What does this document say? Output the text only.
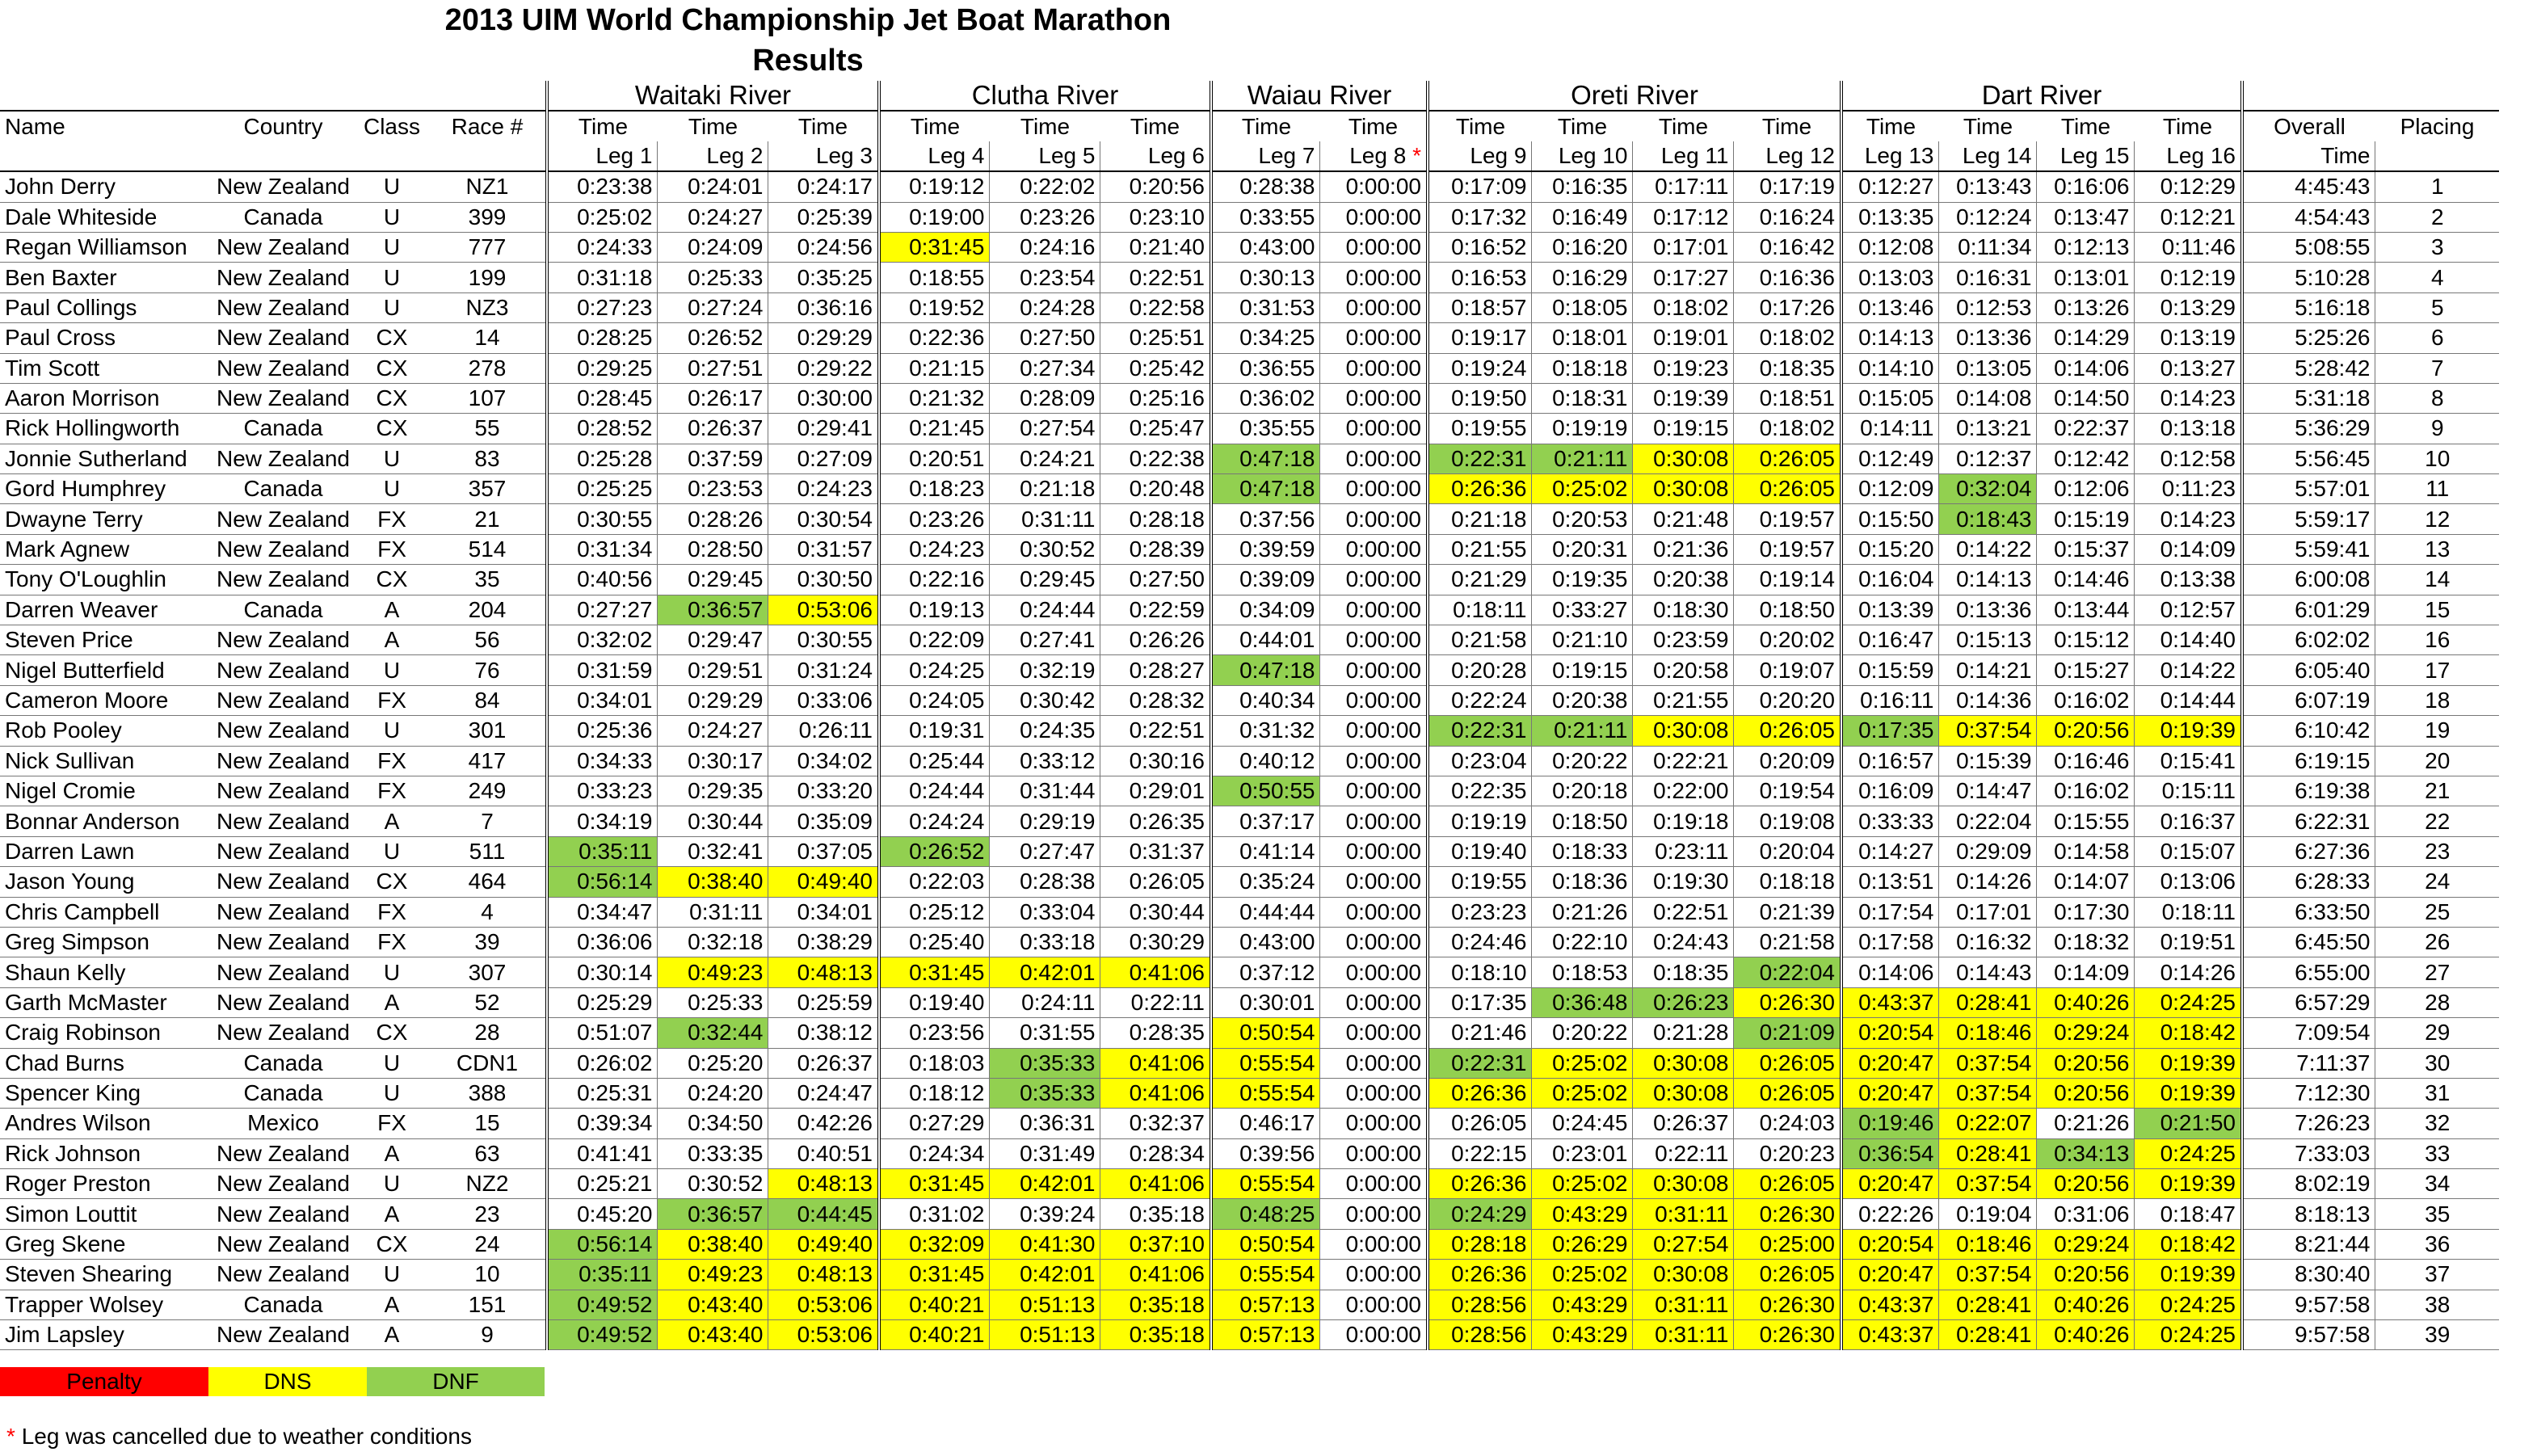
2013 UIM World Championship Jet Boat Marathon
Results
				Waitaki River			Clutha River			Waiau River		Oreti River				Dart River					
Name	Country	Class	Race #	Time	Time	Time	Time	Time	Time	Time	Time	Time	Time	Time	Time	Time	Time	Time	Time	Overall	Placing
				Leg 1	Leg 2	Leg 3	Leg 4	Leg 5	Leg 6	Leg 7	Leg 8 *	Leg 9	Leg 10	Leg 11	Leg 12	Leg 13	Leg 14	Leg 15	Leg 16	Time	
John Derry	New Zealand	U	NZ1	0:23:38	0:24:01	0:24:17	0:19:12	0:22:02	0:20:56	0:28:38	0:00:00	0:17:09	0:16:35	0:17:11	0:17:19	0:12:27	0:13:43	0:16:06	0:12:29	4:45:43	1
Dale Whiteside	Canada	U	399	0:25:02	0:24:27	0:25:39	0:19:00	0:23:26	0:23:10	0:33:55	0:00:00	0:17:32	0:16:49	0:17:12	0:16:24	0:13:35	0:12:24	0:13:47	0:12:21	4:54:43	2
Regan Williamson	New Zealand	U	777	0:24:33	0:24:09	0:24:56	0:31:45	0:24:16	0:21:40	0:43:00	0:00:00	0:16:52	0:16:20	0:17:01	0:16:42	0:12:08	0:11:34	0:12:13	0:11:46	5:08:55	3
Ben Baxter	New Zealand	U	199	0:31:18	0:25:33	0:35:25	0:18:55	0:23:54	0:22:51	0:30:13	0:00:00	0:16:53	0:16:29	0:17:27	0:16:36	0:13:03	0:16:31	0:13:01	0:12:19	5:10:28	4
Paul Collings	New Zealand	U	NZ3	0:27:23	0:27:24	0:36:16	0:19:52	0:24:28	0:22:58	0:31:53	0:00:00	0:18:57	0:18:05	0:18:02	0:17:26	0:13:46	0:12:53	0:13:26	0:13:29	5:16:18	5
Paul Cross	New Zealand	CX	14	0:28:25	0:26:52	0:29:29	0:22:36	0:27:50	0:25:51	0:34:25	0:00:00	0:19:17	0:18:01	0:19:01	0:18:02	0:14:13	0:13:36	0:14:29	0:13:19	5:25:26	6
Tim Scott	New Zealand	CX	278	0:29:25	0:27:51	0:29:22	0:21:15	0:27:34	0:25:42	0:36:55	0:00:00	0:19:24	0:18:18	0:19:23	0:18:35	0:14:10	0:13:05	0:14:06	0:13:27	5:28:42	7
Aaron Morrison	New Zealand	CX	107	0:28:45	0:26:17	0:30:00	0:21:32	0:28:09	0:25:16	0:36:02	0:00:00	0:19:50	0:18:31	0:19:39	0:18:51	0:15:05	0:14:08	0:14:50	0:14:23	5:31:18	8
Rick Hollingworth	Canada	CX	55	0:28:52	0:26:37	0:29:41	0:21:45	0:27:54	0:25:47	0:35:55	0:00:00	0:19:55	0:19:19	0:19:15	0:18:02	0:14:11	0:13:21	0:22:37	0:13:18	5:36:29	9
Jonnie Sutherland	New Zealand	U	83	0:25:28	0:37:59	0:27:09	0:20:51	0:24:21	0:22:38	0:47:18	0:00:00	0:22:31	0:21:11	0:30:08	0:26:05	0:12:49	0:12:37	0:12:42	0:12:58	5:56:45	10
Gord Humphrey	Canada	U	357	0:25:25	0:23:53	0:24:23	0:18:23	0:21:18	0:20:48	0:47:18	0:00:00	0:26:36	0:25:02	0:30:08	0:26:05	0:12:09	0:32:04	0:12:06	0:11:23	5:57:01	11
Dwayne Terry	New Zealand	FX	21	0:30:55	0:28:26	0:30:54	0:23:26	0:31:11	0:28:18	0:37:56	0:00:00	0:21:18	0:20:53	0:21:48	0:19:57	0:15:50	0:18:43	0:15:19	0:14:23	5:59:17	12
Mark Agnew	New Zealand	FX	514	0:31:34	0:28:50	0:31:57	0:24:23	0:30:52	0:28:39	0:39:59	0:00:00	0:21:55	0:20:31	0:21:36	0:19:57	0:15:20	0:14:22	0:15:37	0:14:09	5:59:41	13
Tony O'Loughlin	New Zealand	CX	35	0:40:56	0:29:45	0:30:50	0:22:16	0:29:45	0:27:50	0:39:09	0:00:00	0:21:29	0:19:35	0:20:38	0:19:14	0:16:04	0:14:13	0:14:46	0:13:38	6:00:08	14
Darren Weaver	Canada	A	204	0:27:27	0:36:57	0:53:06	0:19:13	0:24:44	0:22:59	0:34:09	0:00:00	0:18:11	0:33:27	0:18:30	0:18:50	0:13:39	0:13:36	0:13:44	0:12:57	6:01:29	15
Steven Price	New Zealand	A	56	0:32:02	0:29:47	0:30:55	0:22:09	0:27:41	0:26:26	0:44:01	0:00:00	0:21:58	0:21:10	0:23:59	0:20:02	0:16:47	0:15:13	0:15:12	0:14:40	6:02:02	16
Nigel Butterfield	New Zealand	U	76	0:31:59	0:29:51	0:31:24	0:24:25	0:32:19	0:28:27	0:47:18	0:00:00	0:20:28	0:19:15	0:20:58	0:19:07	0:15:59	0:14:21	0:15:27	0:14:22	6:05:40	17
Cameron Moore	New Zealand	FX	84	0:34:01	0:29:29	0:33:06	0:24:05	0:30:42	0:28:32	0:40:34	0:00:00	0:22:24	0:20:38	0:21:55	0:20:20	0:16:11	0:14:36	0:16:02	0:14:44	6:07:19	18
Rob Pooley	New Zealand	U	301	0:25:36	0:24:27	0:26:11	0:19:31	0:24:35	0:22:51	0:31:32	0:00:00	0:22:31	0:21:11	0:30:08	0:26:05	0:17:35	0:37:54	0:20:56	0:19:39	6:10:42	19
Nick Sullivan	New Zealand	FX	417	0:34:33	0:30:17	0:34:02	0:25:44	0:33:12	0:30:16	0:40:12	0:00:00	0:23:04	0:20:22	0:22:21	0:20:09	0:16:57	0:15:39	0:16:46	0:15:41	6:19:15	20
Nigel Cromie	New Zealand	FX	249	0:33:23	0:29:35	0:33:20	0:24:44	0:31:44	0:29:01	0:50:55	0:00:00	0:22:35	0:20:18	0:22:00	0:19:54	0:16:09	0:14:47	0:16:02	0:15:11	6:19:38	21
Bonnar Anderson	New Zealand	A	7	0:34:19	0:30:44	0:35:09	0:24:24	0:29:19	0:26:35	0:37:17	0:00:00	0:19:19	0:18:50	0:19:18	0:19:08	0:33:33	0:22:04	0:15:55	0:16:37	6:22:31	22
Darren Lawn	New Zealand	U	511	0:35:11	0:32:41	0:37:05	0:26:52	0:27:47	0:31:37	0:41:14	0:00:00	0:19:40	0:18:33	0:23:11	0:20:04	0:14:27	0:29:09	0:14:58	0:15:07	6:27:36	23
Jason Young	New Zealand	CX	464	0:56:14	0:38:40	0:49:40	0:22:03	0:28:38	0:26:05	0:35:24	0:00:00	0:19:55	0:18:36	0:19:30	0:18:18	0:13:51	0:14:26	0:14:07	0:13:06	6:28:33	24
Chris Campbell	New Zealand	FX	4	0:34:47	0:31:11	0:34:01	0:25:12	0:33:04	0:30:44	0:44:44	0:00:00	0:23:23	0:21:26	0:22:51	0:21:39	0:17:54	0:17:01	0:17:30	0:18:11	6:33:50	25
Greg Simpson	New Zealand	FX	39	0:36:06	0:32:18	0:38:29	0:25:40	0:33:18	0:30:29	0:43:00	0:00:00	0:24:46	0:22:10	0:24:43	0:21:58	0:17:58	0:16:32	0:18:32	0:19:51	6:45:50	26
Shaun Kelly	New Zealand	U	307	0:30:14	0:49:23	0:48:13	0:31:45	0:42:01	0:41:06	0:37:12	0:00:00	0:18:10	0:18:53	0:18:35	0:22:04	0:14:06	0:14:43	0:14:09	0:14:26	6:55:00	27
Garth McMaster	New Zealand	A	52	0:25:29	0:25:33	0:25:59	0:19:40	0:24:11	0:22:11	0:30:01	0:00:00	0:17:35	0:36:48	0:26:23	0:26:30	0:43:37	0:28:41	0:40:26	0:24:25	6:57:29	28
Craig Robinson	New Zealand	CX	28	0:51:07	0:32:44	0:38:12	0:23:56	0:31:55	0:28:35	0:50:54	0:00:00	0:21:46	0:20:22	0:21:28	0:21:09	0:20:54	0:18:46	0:29:24	0:18:42	7:09:54	29
Chad Burns	Canada	U	CDN1	0:26:02	0:25:20	0:26:37	0:18:03	0:35:33	0:41:06	0:55:54	0:00:00	0:22:31	0:25:02	0:30:08	0:26:05	0:20:47	0:37:54	0:20:56	0:19:39	7:11:37	30
Spencer King	Canada	U	388	0:25:31	0:24:20	0:24:47	0:18:12	0:35:33	0:41:06	0:55:54	0:00:00	0:26:36	0:25:02	0:30:08	0:26:05	0:20:47	0:37:54	0:20:56	0:19:39	7:12:30	31
Andres Wilson	Mexico	FX	15	0:39:34	0:34:50	0:42:26	0:27:29	0:36:31	0:32:37	0:46:17	0:00:00	0:26:05	0:24:45	0:26:37	0:24:03	0:19:46	0:22:07	0:21:26	0:21:50	7:26:23	32
Rick Johnson	New Zealand	A	63	0:41:41	0:33:35	0:40:51	0:24:34	0:31:49	0:28:34	0:39:56	0:00:00	0:22:15	0:23:01	0:22:11	0:20:23	0:36:54	0:28:41	0:34:13	0:24:25	7:33:03	33
Roger Preston	New Zealand	U	NZ2	0:25:21	0:30:52	0:48:13	0:31:45	0:42:01	0:41:06	0:55:54	0:00:00	0:26:36	0:25:02	0:30:08	0:26:05	0:20:47	0:37:54	0:20:56	0:19:39	8:02:19	34
Simon Louttit	New Zealand	A	23	0:45:20	0:36:57	0:44:45	0:31:02	0:39:24	0:35:18	0:48:25	0:00:00	0:24:29	0:43:29	0:31:11	0:26:30	0:22:26	0:19:04	0:31:06	0:18:47	8:18:13	35
Greg Skene	New Zealand	CX	24	0:56:14	0:38:40	0:49:40	0:32:09	0:41:30	0:37:10	0:50:54	0:00:00	0:28:18	0:26:29	0:27:54	0:25:00	0:20:54	0:18:46	0:29:24	0:18:42	8:21:44	36
Steven Shearing	New Zealand	U	10	0:35:11	0:49:23	0:48:13	0:31:45	0:42:01	0:41:06	0:55:54	0:00:00	0:26:36	0:25:02	0:30:08	0:26:05	0:20:47	0:37:54	0:20:56	0:19:39	8:30:40	37
Trapper Wolsey	Canada	A	151	0:49:52	0:43:40	0:53:06	0:40:21	0:51:13	0:35:18	0:57:13	0:00:00	0:28:56	0:43:29	0:31:11	0:26:30	0:43:37	0:28:41	0:40:26	0:24:25	9:57:58	38
Jim Lapsley	New Zealand	A	9	0:49:52	0:43:40	0:53:06	0:40:21	0:51:13	0:35:18	0:57:13	0:00:00	0:28:56	0:43:29	0:31:11	0:26:30	0:43:37	0:28:41	0:40:26	0:24:25	9:57:58	39
Penalty	DNS	DNF
* Leg was cancelled due to weather conditions
